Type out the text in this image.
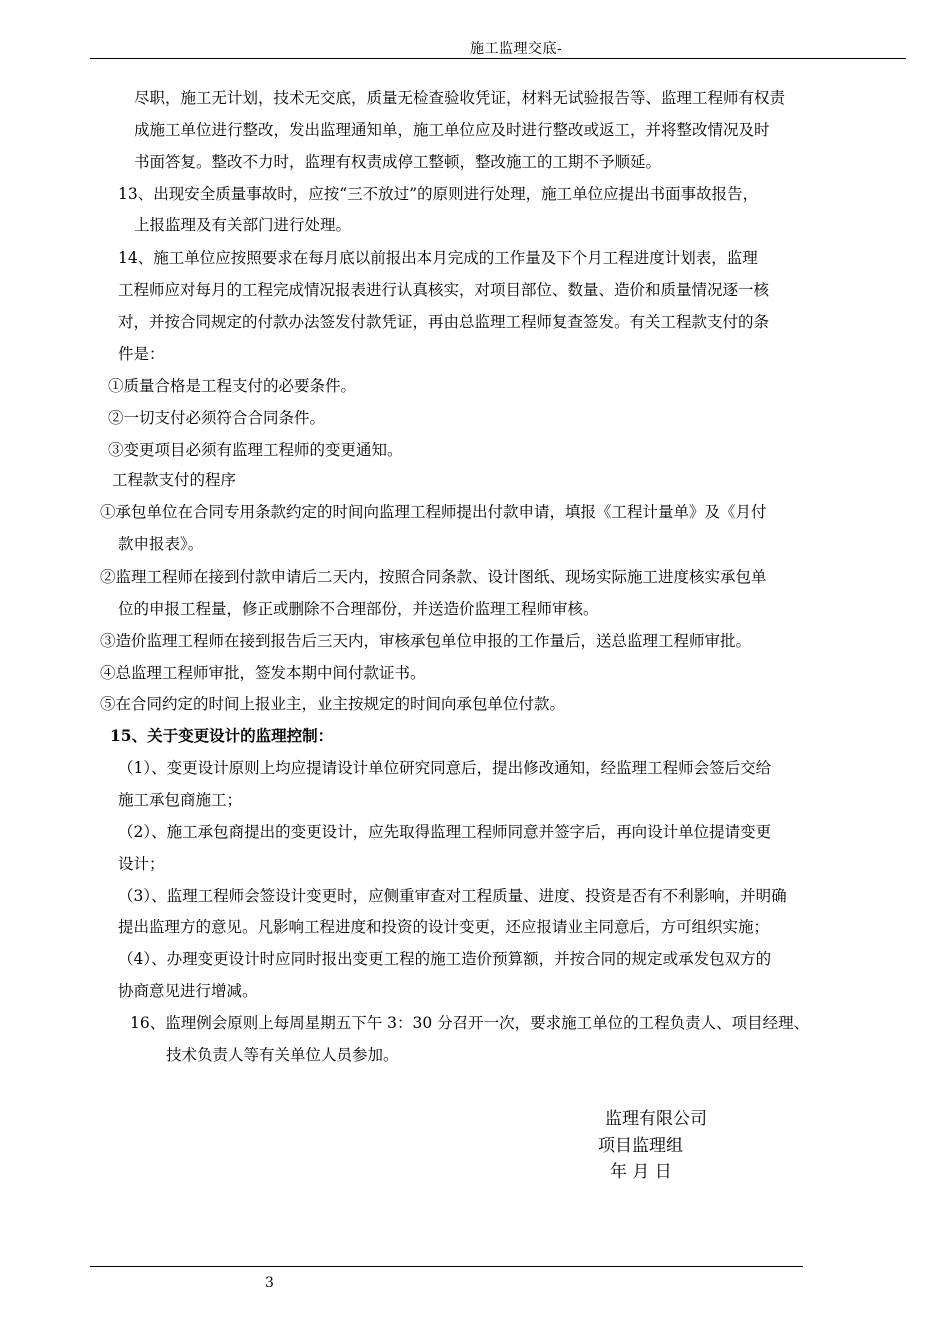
施工监理交底-
尽职，施工无计划，技术无交底，质量无检查验收凭证，材料无试验报告等、监理工程师有权责
成施工单位进行整改，发出监理通知单，施工单位应及时进行整改或返工，并将整改情况及时
书面答复。整改不力时，监理有权责成停工整顿，整改施工的工期不予顺延。
13、出现安全质量事故时，应按“三不放过”的原则进行处理，施工单位应提出书面事故报告，
上报监理及有关部门进行处理。
14、施工单位应按照要求在每月底以前报出本月完成的工作量及下个月工程进度计划表，监理
工程师应对每月的工程完成情况报表进行认真核实，对项目部位、数量、造价和质量情况逐一核
对，并按合同规定的付款办法签发付款凭证，再由总监理工程师复查签发。有关工程款支付的条
件是：
①质量合格是工程支付的必要条件。
②一切支付必须符合合同条件。
③变更项目必须有监理工程师的变更通知。
工程款支付的程序
①承包单位在合同专用条款约定的时间向监理工程师提出付款申请，填报《工程计量单》及《月付
款申报表》。
②监理工程师在接到付款申请后二天内，按照合同条款、设计图纸、现场实际施工进度核实承包单
位的申报工程量，修正或删除不合理部份，并送造价监理工程师审核。
③造价监理工程师在接到报告后三天内，审核承包单位申报的工作量后，送总监理工程师审批。
④总监理工程师审批，签发本期中间付款证书。
⑤在合同约定的时间上报业主，业主按规定的时间向承包单位付款。
15、关于变更设计的监理控制：
（1）、变更设计原则上均应提请设计单位研究同意后，提出修改通知，经监理工程师会签后交给
施工承包商施工；
（2）、施工承包商提出的变更设计，应先取得监理工程师同意并签字后，再向设计单位提请变更
设计；
（3）、监理工程师会签设计变更时，应侧重审查对工程质量、进度、投资是否有不利影响，并明确
提出监理方的意见。凡影响工程进度和投资的设计变更，还应报请业主同意后，方可组织实施；
（4）、办理变更设计时应同时报出变更工程的施工造价预算额，并按合同的规定或承发包双方的
协商意见进行增减。
16、监理例会原则上每周星期五下午 3：30 分召开一次，要求施工单位的工程负责人、项目经理、
技术负责人等有关单位人员参加。
监理有限公司
项目监理组
年 月 日
3
